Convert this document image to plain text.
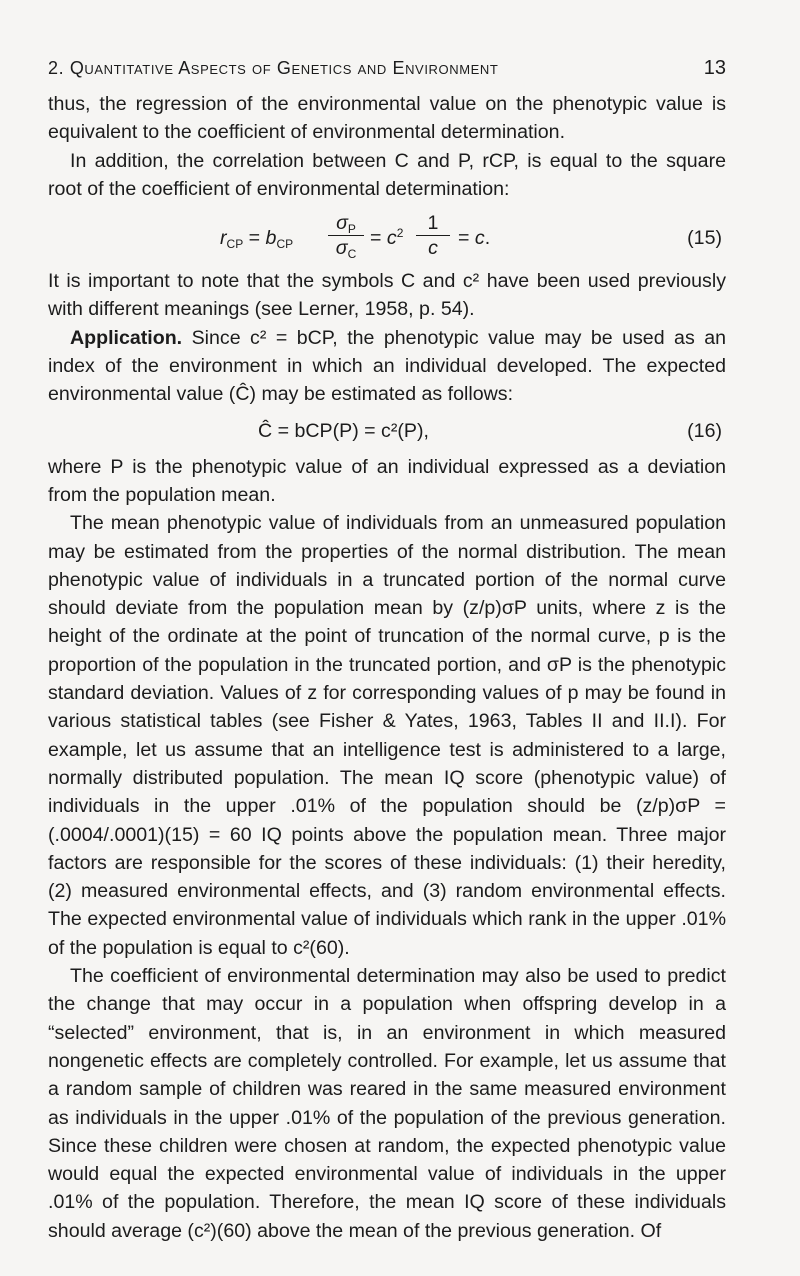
2. Quantitative Aspects of Genetics and Environment	13

thus, the regression of the environmental value on the phenotypic value is equivalent to the coefficient of environmental determination.

In addition, the correlation between C and P, rCP, is equal to the square root of the coefficient of environmental determination:

$r_{CP} = b_{CP}$
$\sigma_P$
$\sigma_C$
= $c^2$	1
c	= c.	(15)

It is important to note that the symbols C and c² have been used previously with different meanings (see Lerner, 1958, p. 54).

Application. Since c² = bCP, the phenotypic value may be used as an index of the environment in which an individual developed. The expected environmental value (Ĉ) may be estimated as follows:

Ĉ = bCP(P) = c²(P),	(16)

where P is the phenotypic value of an individual expressed as a deviation from the population mean.

The mean phenotypic value of individuals from an unmeasured population may be estimated from the properties of the normal distribution. The mean phenotypic value of individuals in a truncated portion of the normal curve should deviate from the population mean by (z/p)σP units, where z is the height of the ordinate at the point of truncation of the normal curve, p is the proportion of the population in the truncated portion, and σP is the phenotypic standard deviation. Values of z for corresponding values of p may be found in various statistical tables (see Fisher & Yates, 1963, Tables II and II.I). For example, let us assume that an intelligence test is administered to a large, normally distributed population. The mean IQ score (phenotypic value) of individuals in the upper .01% of the population should be (z/p)σP = (.0004/.0001)(15) = 60 IQ points above the population mean. Three major factors are responsible for the scores of these individuals: (1) their heredity, (2) measured environmental effects, and (3) random environmental effects. The expected environmental value of individuals which rank in the upper .01% of the population is equal to c²(60).

The coefficient of environmental determination may also be used to predict the change that may occur in a population when offspring develop in a “selected” environment, that is, in an environment in which measured nongenetic effects are completely controlled. For example, let us assume that a random sample of children was reared in the same measured environment as individuals in the upper .01% of the population of the previous generation. Since these children were chosen at random, the expected phenotypic value would equal the expected environmental value of individuals in the upper .01% of the population. Therefore, the mean IQ score of these individuals should average (c²)(60) above the mean of the previous generation. Of
